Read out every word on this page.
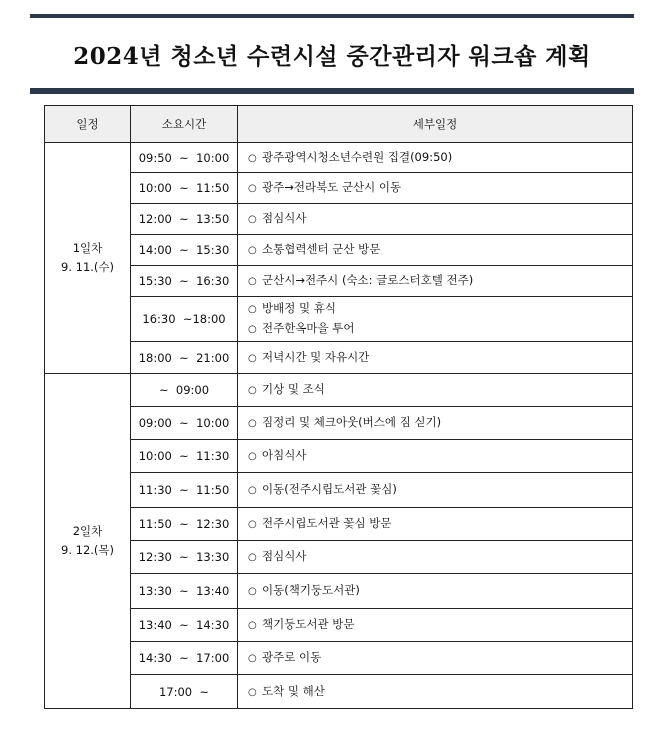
2024년 청소년 수련시설 중간관리자 워크숍 계획
일정	소요시간	세부일정

1일차
9. 11.(수)	09:50  ~  10:00	○ 광주광역시청소년수련원 집결(09:50)

	10:00  ~  11:50	○ 광주→전라북도 군산시 이동

	12:00  ~  13:50	○ 점심식사

	14:00  ~  15:30	○ 소통협력센터 군산 방문

	15:30  ~  16:30	○ 군산시→전주시 (숙소: 글로스터호텔 전주)

	16:30  ~18:00	○ 방배정 및 휴식
○ 전주한옥마을 투어

	18:00  ~  21:00	○ 저녁시간 및 자유시간

2일차
9. 12.(목)	~  09:00	○ 기상 및 조식

	09:00  ~  10:00	○ 짐정리 및 체크아웃(버스에 짐 싣기)

	10:00  ~  11:30	○ 아침식사

	11:30  ~  11:50	○ 이동(전주시립도서관 꽃심)

	11:50  ~  12:30	○ 전주시립도서관 꽃심 방문

	12:30  ~  13:30	○ 점심식사

	13:30  ~  13:40	○ 이동(책기둥도서관)

	13:40  ~  14:30	○ 책기둥도서관 방문

	14:30  ~  17:00	○ 광주로 이동

	17:00  ~	○ 도착 및 해산
